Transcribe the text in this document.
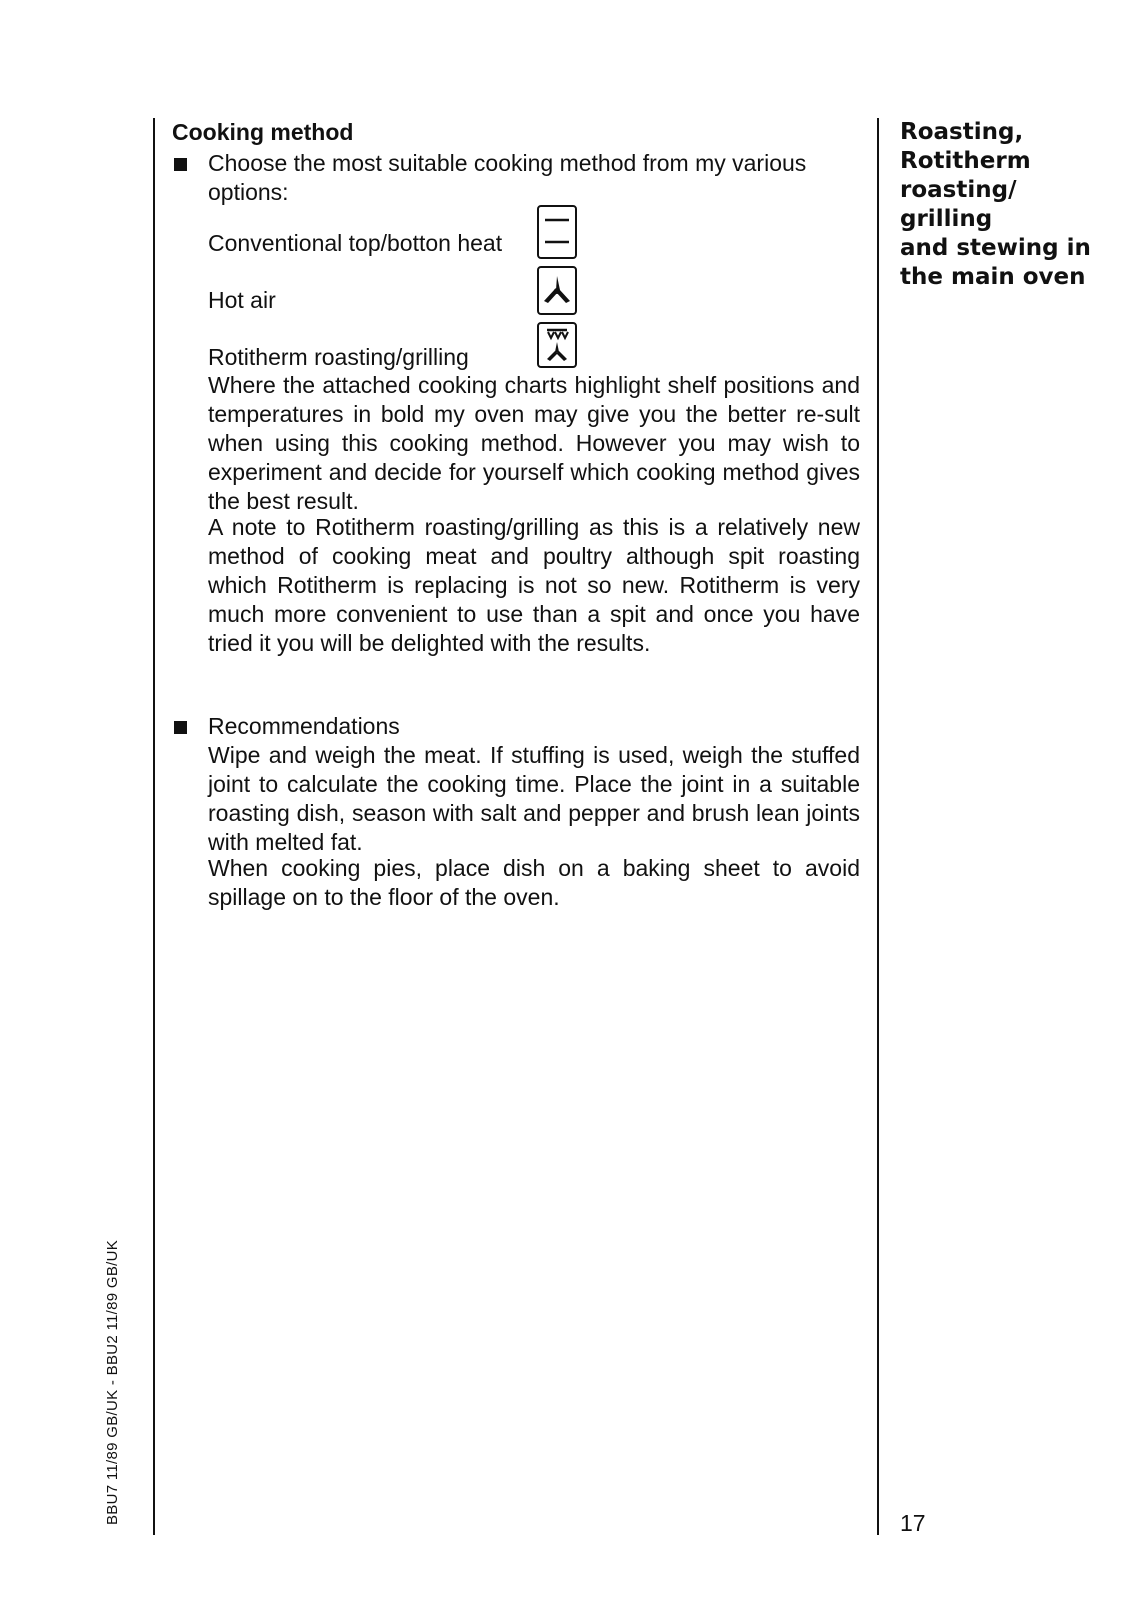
Cooking method
Choose the most suitable cooking method from my various options:
Conventional top/botton heat
Hot air
Rotitherm roasting/grilling
Where the attached cooking charts highlight shelf positions and temperatures in bold my oven may give you the better re-sult when using this cooking method. However you may wish to experiment and decide for yourself which cooking method gives the best result.
A note to Rotitherm roasting/grilling as this is a relatively new method of cooking meat and poultry although spit roasting which Rotitherm is replacing is not so new. Rotitherm is very much more convenient to use than a spit and once you have tried it you will be delighted with the results.
Recommendations
Wipe and weigh the meat. If stuffing is used, weigh the stuffed joint to calculate the cooking time. Place the joint in a suitable roasting dish, season with salt and pepper and brush lean joints with melted fat.
When cooking pies, place dish on a baking sheet to avoid spillage on to the floor of the oven.
Roasting,
Rotitherm
roasting/
grilling
and stewing in
the main oven
17
BBU7 11/89 GB/UK - BBU2 11/89 GB/UK
